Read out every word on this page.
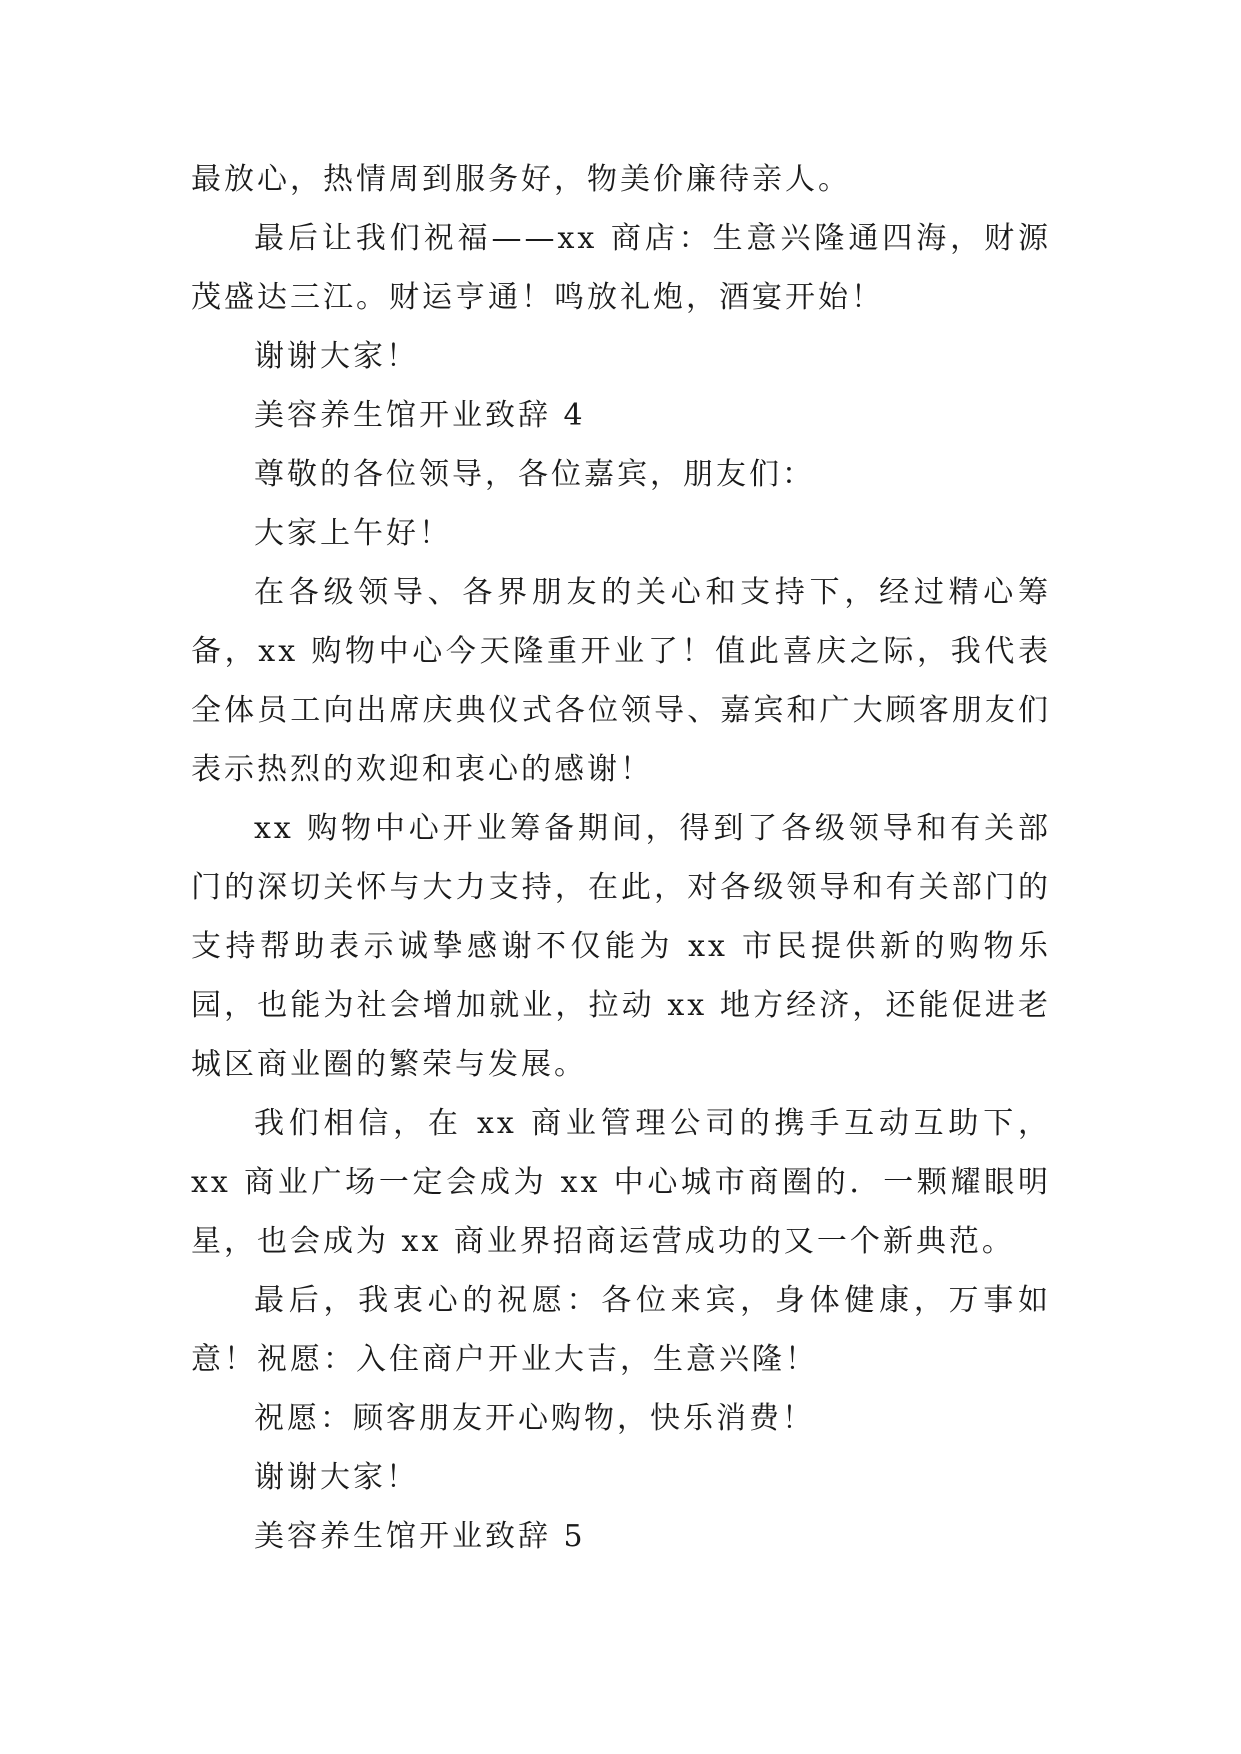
最放心，热情周到服务好，物美价廉待亲人。

最后让我们祝福——xx 商店：生意兴隆通四海，财源茂盛达三江。财运亨通！鸣放礼炮，酒宴开始！

谢谢大家！

美容养生馆开业致辞 4

尊敬的各位领导，各位嘉宾，朋友们：

大家上午好！

在各级领导、各界朋友的关心和支持下，经过精心筹备，xx 购物中心今天隆重开业了！值此喜庆之际，我代表全体员工向出席庆典仪式各位领导、嘉宾和广大顾客朋友们表示热烈的欢迎和衷心的感谢！

xx 购物中心开业筹备期间，得到了各级领导和有关部门的深切关怀与大力支持，在此，对各级领导和有关部门的支持帮助表示诚挚感谢不仅能为 xx 市民提供新的购物乐园，也能为社会增加就业，拉动 xx 地方经济，还能促进老城区商业圈的繁荣与发展。

我们相信，在 xx 商业管理公司的携手互动互助下，xx 商业广场一定会成为 xx 中心城市商圈的．一颗耀眼明星，也会成为 xx 商业界招商运营成功的又一个新典范。

最后，我衷心的祝愿：各位来宾，身体健康，万事如意！祝愿：入住商户开业大吉，生意兴隆！

祝愿：顾客朋友开心购物，快乐消费！

谢谢大家！

美容养生馆开业致辞 5
